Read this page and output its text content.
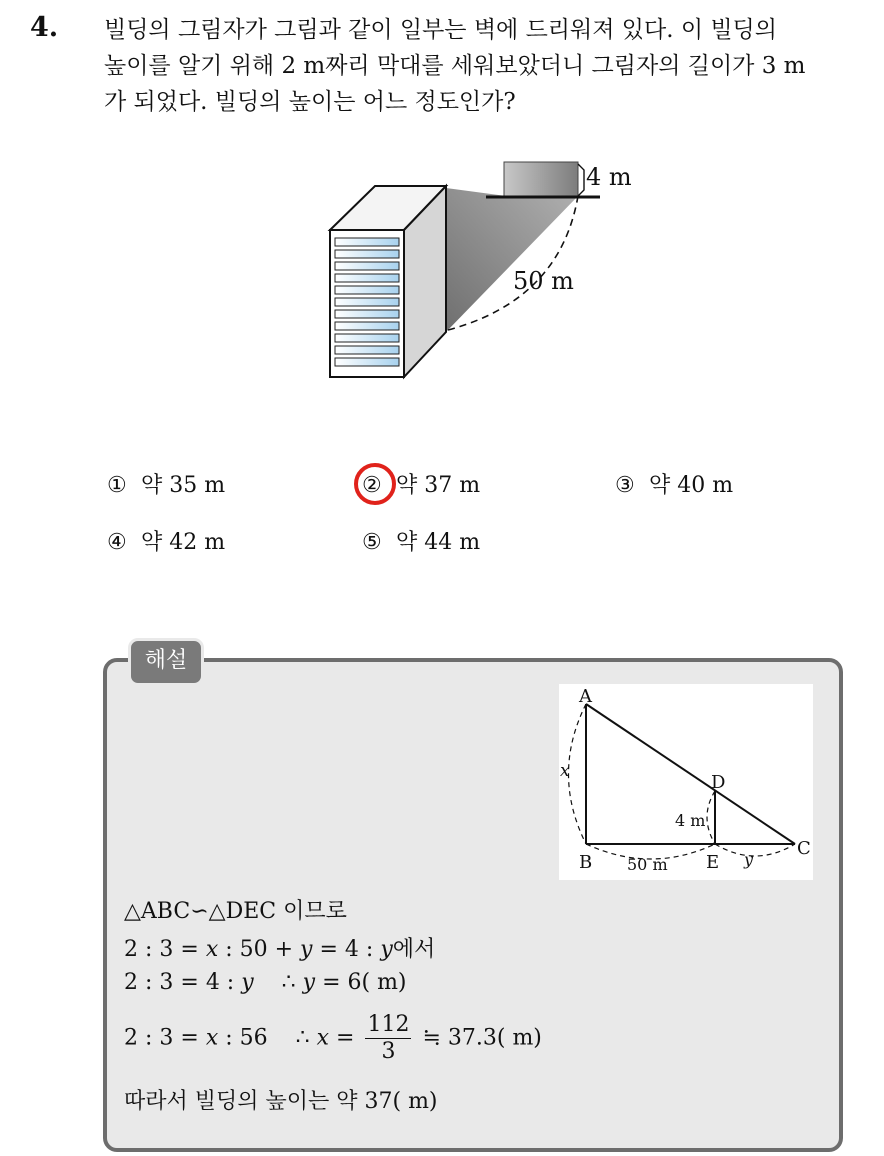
4. 빌딩의 그림자가 그림과 같이 일부는 벽에 드리워져 있다. 이 빌딩의
높이를 알기 위해 2 m짜리 막대를 세워보았더니 그림자의 길이가 3 m
가 되었다. 빌딩의 높이는 어느 정도인가?
4 m
50 m
① 약 35 m	② 약 37 m	③ 약 40 m
④ 약 42 m	⑤ 약 44 m
해설
A
B
C
D
E
x
4 m
50 m	y
△ABC∽△DEC 이므로
2 : 3 = x : 50 + y = 4 : y에서
2 : 3 = 4 : y ∴ y = 6( m)
2 : 3 = x : 56 ∴ $x = \frac{112}{3}$ ≒ 37.3( m)
따라서 빌딩의 높이는 약 37( m)
